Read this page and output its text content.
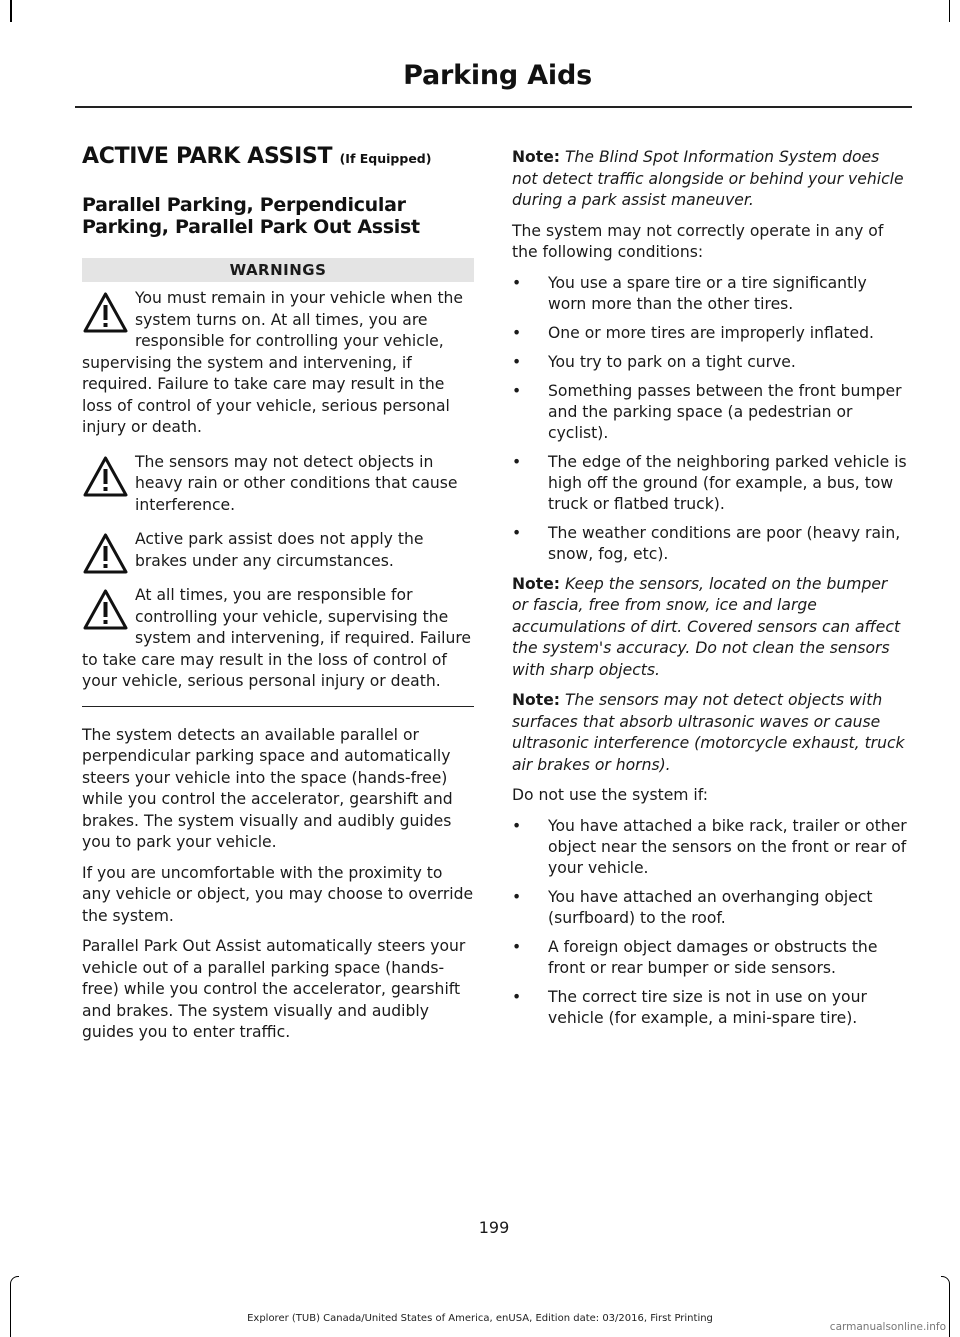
Parking Aids
ACTIVE PARK ASSIST (If Equipped)
Parallel Parking, Perpendicular Parking, Parallel Park Out Assist
WARNINGS
You must remain in your vehicle when the system turns on. At all times, you are responsible for controlling your vehicle, supervising the system and intervening, if required. Failure to take care may result in the loss of control of your vehicle, serious personal injury or death.
The sensors may not detect objects in heavy rain or other conditions that cause interference.
Active park assist does not apply the brakes under any circumstances.
At all times, you are responsible for controlling your vehicle, supervising the system and intervening, if required. Failure to take care may result in the loss of control of your vehicle, serious personal injury or death.

The system detects an available parallel or perpendicular parking space and automatically steers your vehicle into the space (hands-free) while you control the accelerator, gearshift and brakes. The system visually and audibly guides you to park your vehicle.

If you are uncomfortable with the proximity to any vehicle or object, you may choose to override the system.

Parallel Park Out Assist automatically steers your vehicle out of a parallel parking space (hands-free) while you control the accelerator, gearshift and brakes. The system visually and audibly guides you to enter traffic.

Note: The Blind Spot Information System does not detect traffic alongside or behind your vehicle during a park assist maneuver.

The system may not correctly operate in any of the following conditions:

• You use a spare tire or a tire significantly worn more than the other tires.
• One or more tires are improperly inflated.
• You try to park on a tight curve.
• Something passes between the front bumper and the parking space (a pedestrian or cyclist).
• The edge of the neighboring parked vehicle is high off the ground (for example, a bus, tow truck or flatbed truck).
• The weather conditions are poor (heavy rain, snow, fog, etc).

Note: Keep the sensors, located on the bumper or fascia, free from snow, ice and large accumulations of dirt. Covered sensors can affect the system's accuracy. Do not clean the sensors with sharp objects.

Note: The sensors may not detect objects with surfaces that absorb ultrasonic waves or cause ultrasonic interference (motorcycle exhaust, truck air brakes or horns).

Do not use the system if:

• You have attached a bike rack, trailer or other object near the sensors on the front or rear of your vehicle.
• You have attached an overhanging object (surfboard) to the roof.
• A foreign object damages or obstructs the front or rear bumper or side sensors.
• The correct tire size is not in use on your vehicle (for example, a mini-spare tire).

199

Explorer (TUB) Canada/United States of America, enUSA, Edition date: 03/2016, First Printing

carmanualsonline.info
